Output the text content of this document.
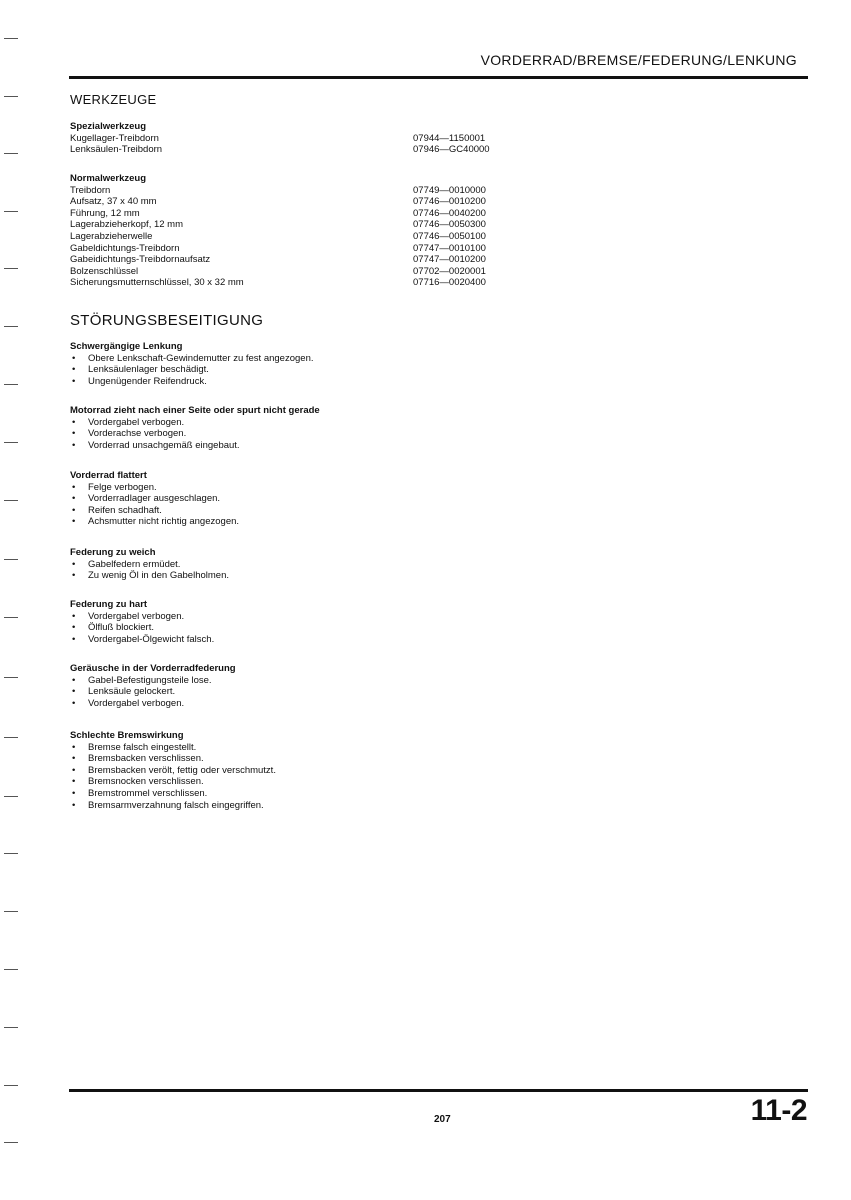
VORDERRAD/BREMSE/FEDERUNG/LENKUNG
WERKZEUGE
Spezialwerkzeug
Kugellager-Treibdorn	07944—1150001
Lenksäulen-Treibdorn	07946—GC40000
Normalwerkzeug
Treibdorn	07749—0010000
Aufsatz, 37 x 40 mm	07746—0010200
Führung, 12 mm	07746—0040200
Lagerabzieherkopf, 12 mm	07746—0050300
Lagerabzieherwelle	07746—0050100
Gabeldichtungs-Treibdorn	07747—0010100
Gabeidichtungs-Treibdornaufsatz	07747—0010200
Bolzenschlüssel	07702—0020001
Sicherungsmutternschlüssel, 30 x 32 mm	07716—0020400
STÖRUNGSBESEITIGUNG
Schwergängige Lenkung
• Obere Lenkschaft-Gewindemutter zu fest angezogen.
• Lenksäulenlager beschädigt.
• Ungenügender Reifendruck.
Motorrad zieht nach einer Seite oder spurt nicht gerade
• Vordergabel verbogen.
• Vorderachse verbogen.
• Vorderrad unsachgemäß eingebaut.
Vorderrad flattert
• Felge verbogen.
• Vorderradlager ausgeschlagen.
• Reifen schadhaft.
• Achsmutter nicht richtig angezogen.
Federung zu weich
• Gabelfedern ermüdet.
• Zu wenig Öl in den Gabelholmen.
Federung zu hart
• Vordergabel verbogen.
• Ölfluß blockiert.
• Vordergabel-Ölgewicht falsch.
Geräusche in der Vorderradfederung
• Gabel-Befestigungsteile lose.
• Lenksäule gelockert.
• Vordergabel verbogen.
Schlechte Bremswirkung
• Bremse falsch eingestellt.
• Bremsbacken verschlissen.
• Bremsbacken verölt, fettig oder verschmutzt.
• Bremsnocken verschlissen.
• Bremstrommel verschlissen.
• Bremsarmverzahnung falsch eingegriffen.
207	11-2
